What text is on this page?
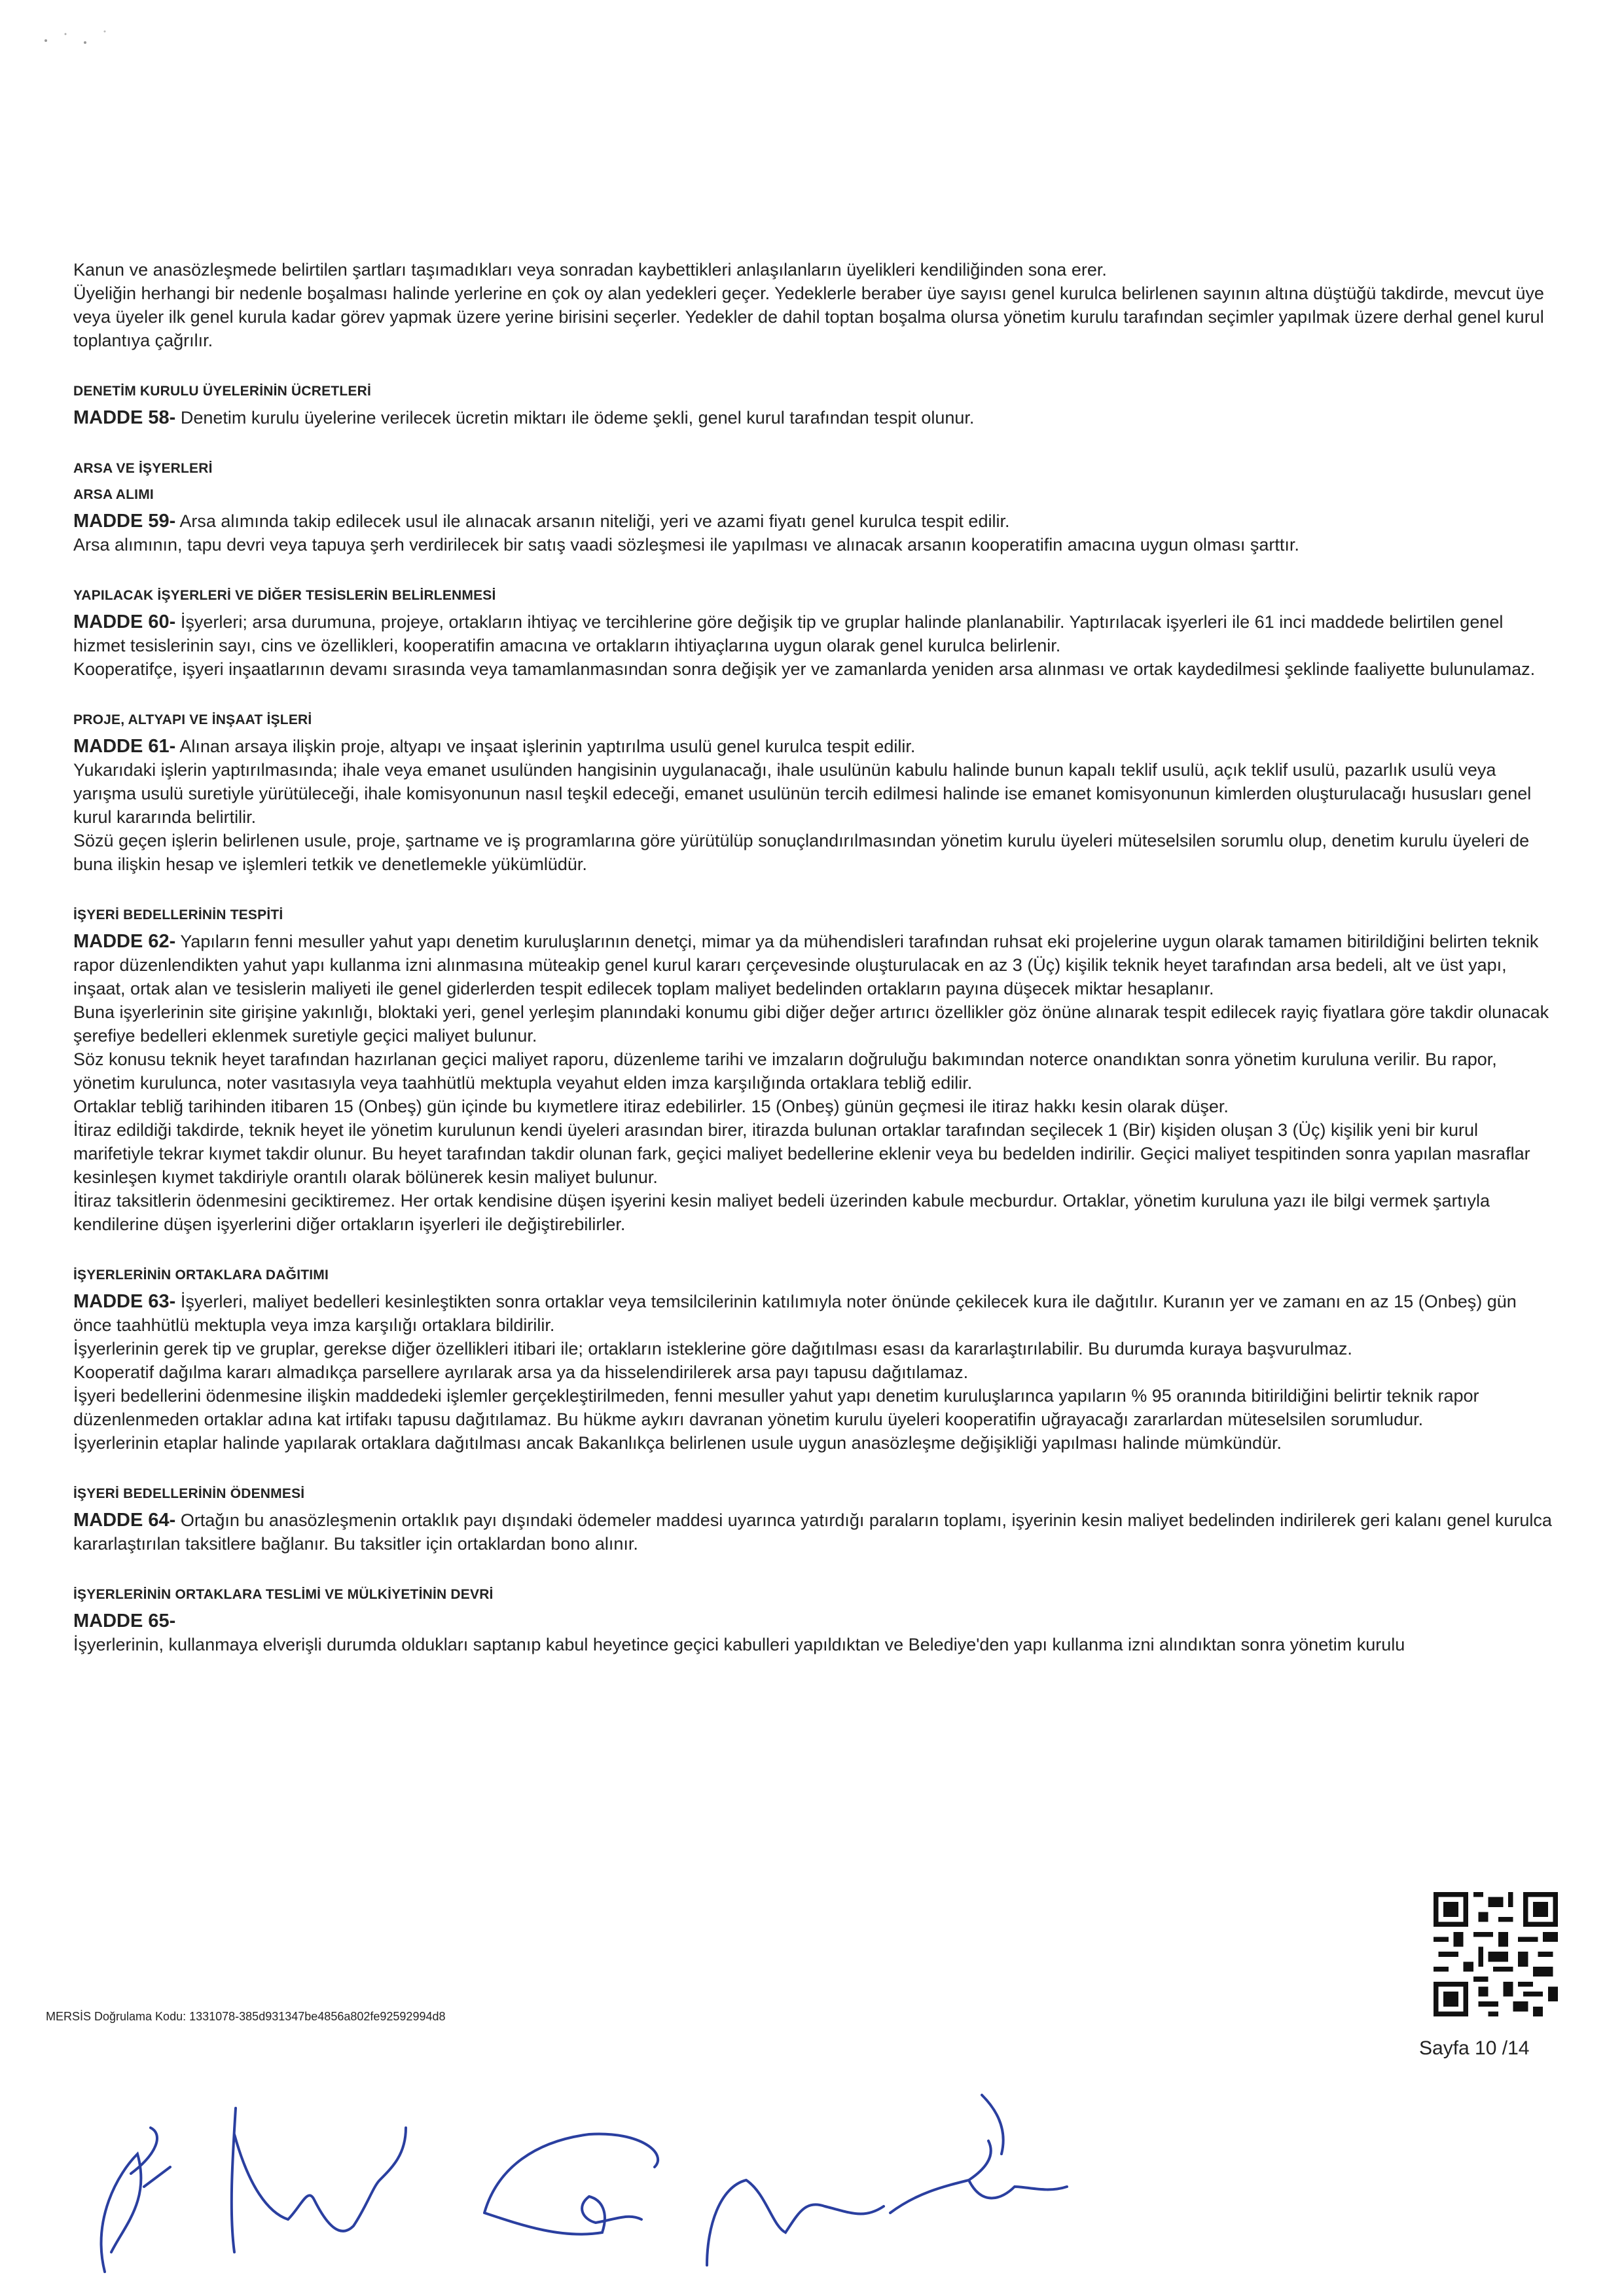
Kanun ve anasözleşmede belirtilen şartları taşımadıkları veya sonradan kaybettikleri anlaşılanların üyelikleri kendiliğinden sona erer.

Üyeliğin herhangi bir nedenle boşalması halinde yerlerine en çok oy alan yedekleri geçer. Yedeklerle beraber üye sayısı genel kurulca belirlenen sayının altına düştüğü takdirde, mevcut üye veya üyeler ilk genel kurula kadar görev yapmak üzere yerine birisini seçerler. Yedekler de dahil toptan boşalma olursa yönetim kurulu tarafından seçimler yapılmak üzere derhal genel kurul toplantıya çağrılır.

DENETİM KURULU ÜYELERİNİN ÜCRETLERİ

MADDE 58- Denetim kurulu üyelerine verilecek ücretin miktarı ile ödeme şekli, genel kurul tarafından tespit olunur.

ARSA VE İŞYERLERİ
ARSA ALIMI

MADDE 59- Arsa alımında takip edilecek usul ile alınacak arsanın niteliği, yeri ve azami fiyatı genel kurulca tespit edilir.

Arsa alımının, tapu devri veya tapuya şerh verdirilecek bir satış vaadi sözleşmesi ile yapılması ve alınacak arsanın kooperatifin amacına uygun olması şarttır.

YAPILACAK İŞYERLERİ VE DİĞER TESİSLERİN BELİRLENMESİ

MADDE 60- İşyerleri; arsa durumuna, projeye, ortakların ihtiyaç ve tercihlerine göre değişik tip ve gruplar halinde planlanabilir. Yaptırılacak işyerleri ile 61 inci maddede belirtilen genel hizmet tesislerinin sayı, cins ve özellikleri, kooperatifin amacına ve ortakların ihtiyaçlarına uygun olarak genel kurulca belirlenir.

Kooperatifçe, işyeri inşaatlarının devamı sırasında veya tamamlanmasından sonra değişik yer ve zamanlarda yeniden arsa alınması ve ortak kaydedilmesi şeklinde faaliyette bulunulamaz.

PROJE, ALTYAPI VE İNŞAAT İŞLERİ

MADDE 61- Alınan arsaya ilişkin proje, altyapı ve inşaat işlerinin yaptırılma usulü genel kurulca tespit edilir.

Yukarıdaki işlerin yaptırılmasında; ihale veya emanet usulünden hangisinin uygulanacağı, ihale usulünün kabulu halinde bunun kapalı teklif usulü, açık teklif usulü, pazarlık usulü veya yarışma usulü suretiyle yürütüleceği, ihale komisyonunun nasıl teşkil edeceği, emanet usulünün tercih edilmesi halinde ise emanet komisyonunun kimlerden oluşturulacağı hususları genel kurul kararında belirtilir.

Sözü geçen işlerin belirlenen usule, proje, şartname ve iş programlarına göre yürütülüp sonuçlandırılmasından yönetim kurulu üyeleri müteselsilen sorumlu olup, denetim kurulu üyeleri de buna ilişkin hesap ve işlemleri tetkik ve denetlemekle yükümlüdür.

İŞYERİ BEDELLERİNİN TESPİTİ

MADDE 62- Yapıların fenni mesuller yahut yapı denetim kuruluşlarının denetçi, mimar ya da mühendisleri tarafından ruhsat eki projelerine uygun olarak tamamen bitirildiğini belirten teknik rapor düzenlendikten yahut yapı kullanma izni alınmasına müteakip genel kurul kararı çerçevesinde oluşturulacak en az 3 (Üç) kişilik teknik heyet tarafından arsa bedeli, alt ve üst yapı, inşaat, ortak alan ve tesislerin maliyeti ile genel giderlerden tespit edilecek toplam maliyet bedelinden ortakların payına düşecek miktar hesaplanır.

Buna işyerlerinin site girişine yakınlığı, bloktaki yeri, genel yerleşim planındaki konumu gibi diğer değer artırıcı özellikler göz önüne alınarak tespit edilecek rayiç fiyatlara göre takdir olunacak şerefiye bedelleri eklenmek suretiyle geçici maliyet bulunur.

Söz konusu teknik heyet tarafından hazırlanan geçici maliyet raporu, düzenleme tarihi ve imzaların doğruluğu bakımından noterce onandıktan sonra yönetim kuruluna verilir. Bu rapor, yönetim kurulunca, noter vasıtasıyla veya taahhütlü mektupla veyahut elden imza karşılığında ortaklara tebliğ edilir.

Ortaklar tebliğ tarihinden itibaren 15 (Onbeş) gün içinde bu kıymetlere itiraz edebilirler. 15 (Onbeş) günün geçmesi ile itiraz hakkı kesin olarak düşer.

İtiraz edildiği takdirde, teknik heyet ile yönetim kurulunun kendi üyeleri arasından birer, itirazda bulunan ortaklar tarafından seçilecek 1 (Bir) kişiden oluşan 3 (Üç) kişilik yeni bir kurul marifetiyle tekrar kıymet takdir olunur. Bu heyet tarafından takdir olunan fark, geçici maliyet bedellerine eklenir veya bu bedelden indirilir. Geçici maliyet tespitinden sonra yapılan masraflar kesinleşen kıymet takdiriyle orantılı olarak bölünerek kesin maliyet bulunur.

İtiraz taksitlerin ödenmesini geciktiremez. Her ortak kendisine düşen işyerini kesin maliyet bedeli üzerinden kabule mecburdur. Ortaklar, yönetim kuruluna yazı ile bilgi vermek şartıyla kendilerine düşen işyerlerini diğer ortakların işyerleri ile değiştirebilirler.

İŞYERLERİNİN ORTAKLARA DAĞITIMI

MADDE 63- İşyerleri, maliyet bedelleri kesinleştikten sonra ortaklar veya temsilcilerinin katılımıyla noter önünde çekilecek kura ile dağıtılır. Kuranın yer ve zamanı en az 15 (Onbeş) gün önce taahhütlü mektupla veya imza karşılığı ortaklara bildirilir.

İşyerlerinin gerek tip ve gruplar, gerekse diğer özellikleri itibari ile; ortakların isteklerine göre dağıtılması esası da kararlaştırılabilir. Bu durumda kuraya başvurulmaz.

Kooperatif dağılma kararı almadıkça parsellere ayrılarak arsa ya da hisselendirilerek arsa payı tapusu dağıtılamaz.

İşyeri bedellerini ödenmesine ilişkin maddedeki işlemler gerçekleştirilmeden, fenni mesuller yahut yapı denetim kuruluşlarınca yapıların % 95 oranında bitirildiğini belirtir teknik rapor düzenlenmeden ortaklar adına kat irtifakı tapusu dağıtılamaz. Bu hükme aykırı davranan yönetim kurulu üyeleri kooperatifin uğrayacağı zararlardan müteselsilen sorumludur.

İşyerlerinin etaplar halinde yapılarak ortaklara dağıtılması ancak Bakanlıkça belirlenen usule uygun anasözleşme değişikliği yapılması halinde mümkündür.

İŞYERİ BEDELLERİNİN ÖDENMESİ

MADDE 64- Ortağın bu anasözleşmenin ortaklık payı dışındaki ödemeler maddesi uyarınca yatırdığı paraların toplamı, işyerinin kesin maliyet bedelinden indirilerek geri kalanı genel kurulca kararlaştırılan taksitlere bağlanır. Bu taksitler için ortaklardan bono alınır.

İŞYERLERİNİN ORTAKLARA TESLİMİ VE MÜLKİYETİNİN DEVRİ

MADDE 65-

İşyerlerinin, kullanmaya elverişli durumda oldukları saptanıp kabul heyetince geçici kabulleri yapıldıktan ve Belediye'den yapı kullanma izni alındıktan sonra yönetim kurulu

MERSİS Doğrulama Kodu: 1331078-385d931347be4856a802fe92592994d8
Sayfa 10 /14
